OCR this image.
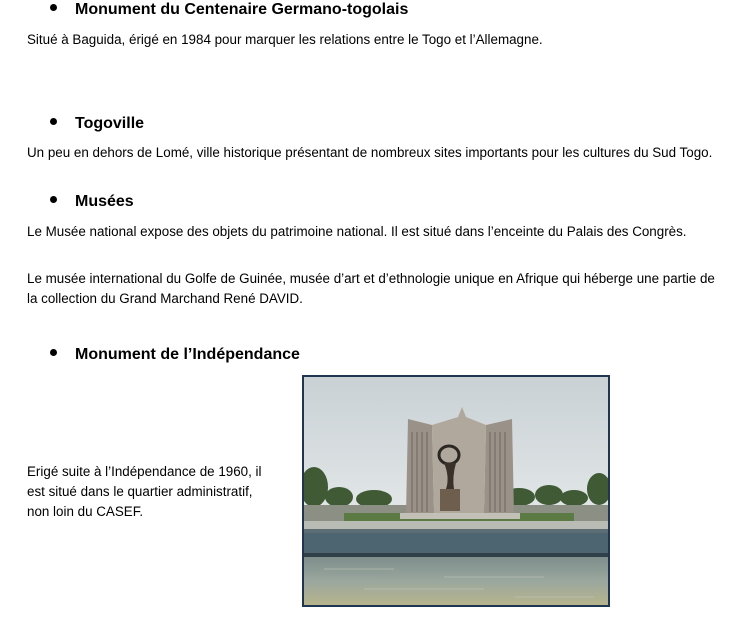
Monument du Centenaire Germano-togolais
Situé à Baguida, érigé en 1984 pour marquer les relations entre le Togo et l’Allemagne.
Togoville
Un peu en dehors de Lomé, ville historique présentant de nombreux sites importants pour les cultures du Sud Togo.
Musées
Le Musée national expose des objets du patrimoine national. Il est situé dans l’enceinte du Palais des Congrès.
Le musée international du Golfe de Guinée, musée d’art et d’ethnologie unique en Afrique qui héberge une partie de la collection du Grand Marchand René DAVID.
Monument de l’Indépendance
Erigé suite à l’Indépendance de 1960, il est situé dans le quartier administratif, non loin du CASEF.
